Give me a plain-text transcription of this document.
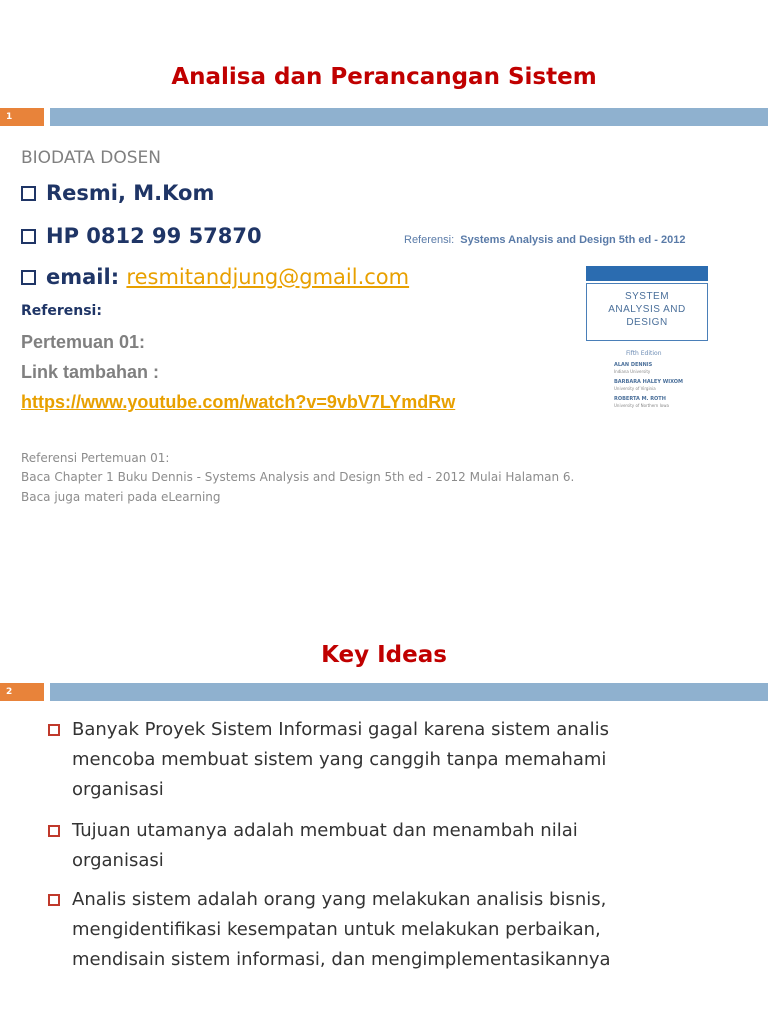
Analisa dan Perancangan Sistem
1
BIODATA DOSEN
Resmi, M.Kom
HP 0812 99 57870	Referensi: Systems Analysis and Design 5th ed - 2012
email: resmitandjung@gmail.com
Referensi:
Pertemuan 01:
Link tambahan :
https://www.youtube.com/watch?v=9vbV7LYmdRw
SYSTEM
ANALYSIS AND
DESIGN
Fifth Edition
ALAN DENNIS
Indiana University
BARBARA HALEY WIXOM
University of Virginia
ROBERTA M. ROTH
University of Northern Iowa
Referensi Pertemuan 01:
Baca Chapter 1 Buku Dennis - Systems Analysis and Design 5th ed - 2012 Mulai Halaman 6.
Baca juga materi pada eLearning
Key Ideas
2
Banyak Proyek Sistem Informasi gagal karena sistem analis
mencoba membuat sistem yang canggih tanpa memahami
organisasi
Tujuan utamanya adalah membuat dan menambah nilai
organisasi
Analis sistem adalah orang yang melakukan analisis bisnis,
mengidentifikasi kesempatan untuk melakukan perbaikan,
mendisain sistem informasi, dan mengimplementasikannya
